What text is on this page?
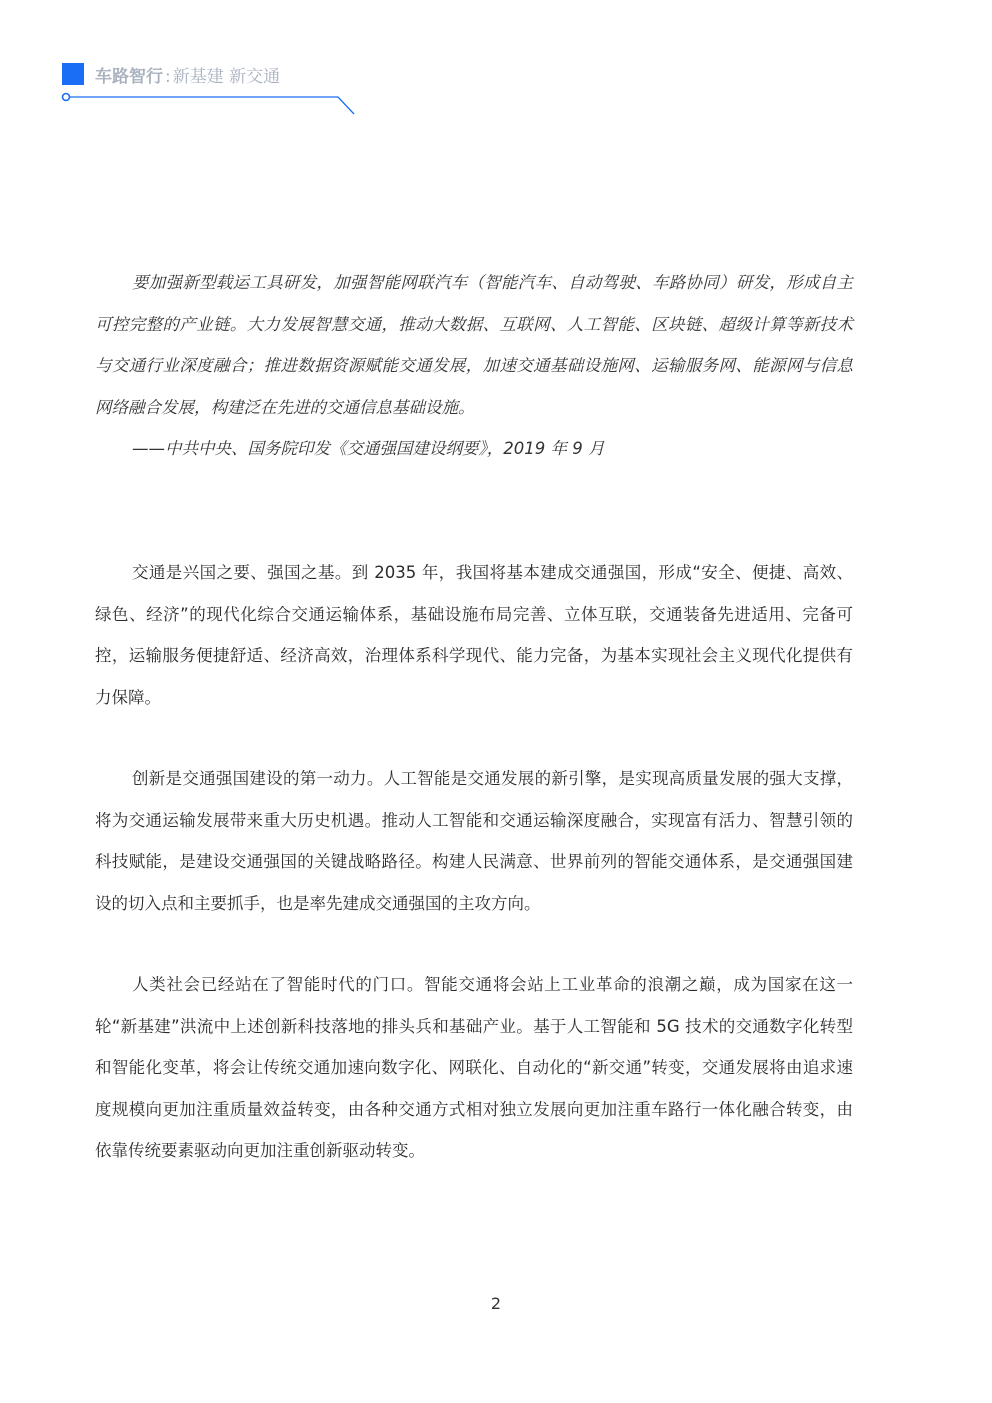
车路智行 : 新基建 新交通

要加强新型载运工具研发，加强智能网联汽车（智能汽车、自动驾驶、车路协同）研发，形成自主可控完整的产业链。大力发展智慧交通，推动大数据、互联网、人工智能、区块链、超级计算等新技术与交通行业深度融合；推进数据资源赋能交通发展，加速交通基础设施网、运输服务网、能源网与信息网络融合发展，构建泛在先进的交通信息基础设施。

——中共中央、国务院印发《交通强国建设纲要》，2019 年 9 月

交通是兴国之要、强国之基。到 2035 年，我国将基本建成交通强国，形成“安全、便捷、高效、绿色、经济”的现代化综合交通运输体系，基础设施布局完善、立体互联，交通装备先进适用、完备可控，运输服务便捷舒适、经济高效，治理体系科学现代、能力完备，为基本实现社会主义现代化提供有力保障。

创新是交通强国建设的第一动力。人工智能是交通发展的新引擎，是实现高质量发展的强大支撑，将为交通运输发展带来重大历史机遇。推动人工智能和交通运输深度融合，实现富有活力、智慧引领的科技赋能，是建设交通强国的关键战略路径。构建人民满意、世界前列的智能交通体系，是交通强国建设的切入点和主要抓手，也是率先建成交通强国的主攻方向。

人类社会已经站在了智能时代的门口。智能交通将会站上工业革命的浪潮之巅，成为国家在这一轮“新基建”洪流中上述创新科技落地的排头兵和基础产业。基于人工智能和 5G 技术的交通数字化转型和智能化变革，将会让传统交通加速向数字化、网联化、自动化的“新交通”转变，交通发展将由追求速度规模向更加注重质量效益转变，由各种交通方式相对独立发展向更加注重车路行一体化融合转变，由依靠传统要素驱动向更加注重创新驱动转变。

2
